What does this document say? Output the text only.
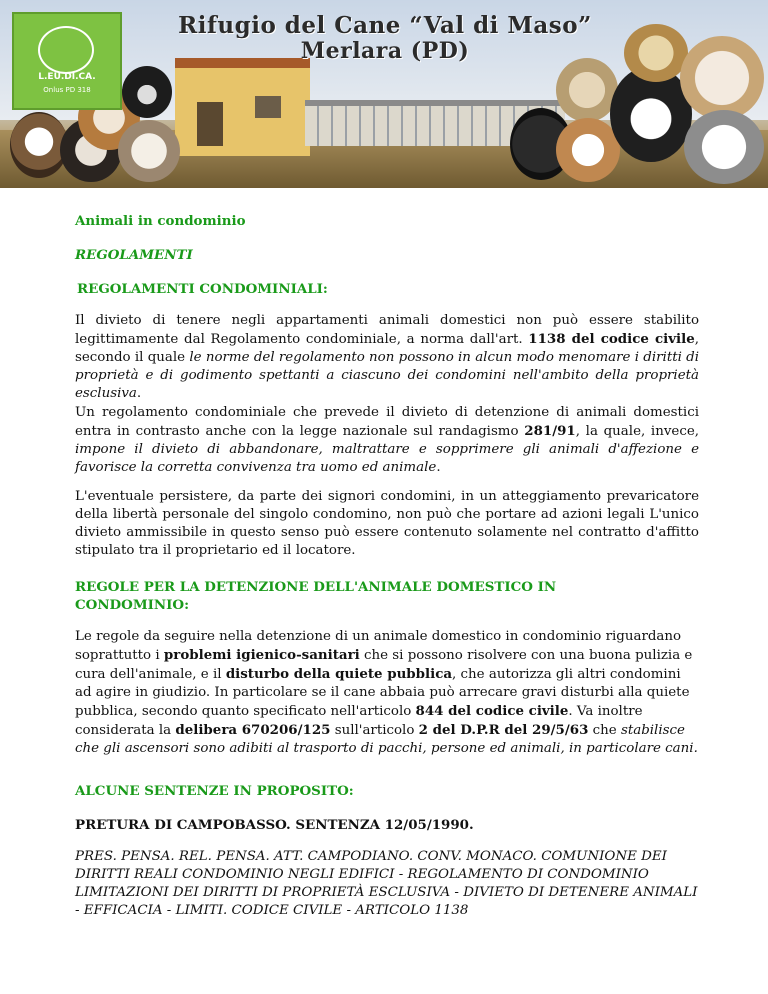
L.EU.DI.CA.
Onlus PD 318
Rifugio del Cane “Val di Maso”
Merlara (PD)
Animali in condominio
REGOLAMENTI
REGOLAMENTI CONDOMINIALI:

Il divieto di tenere negli appartamenti animali domestici non può essere stabilito legittimamente dal Regolamento condominiale, a norma dall'art. 1138 del codice civile, secondo il quale le norme del regolamento non possono in alcun modo menomare i diritti di proprietà e di godimento spettanti a ciascuno dei condomini nell'ambito della proprietà esclusiva.

Un regolamento condominiale che prevede il divieto di detenzione di animali domestici entra in contrasto anche con la legge nazionale sul randagismo 281/91, la quale, invece, impone il divieto di abbandonare, maltrattare e sopprimere gli animali d'affezione e favorisce la corretta convivenza tra uomo ed animale.

L'eventuale persistere, da parte dei signori condomini, in un atteggiamento prevaricatore della libertà personale del singolo condomino, non può che portare ad azioni legali L'unico divieto ammissibile in questo senso può essere contenuto solamente nel contratto d'affitto stipulato tra il proprietario ed il locatore.

REGOLE PER LA DETENZIONE DELL'ANIMALE DOMESTICO IN CONDOMINIO:

Le regole da seguire nella detenzione di un animale domestico in condominio riguardano soprattutto i problemi igienico-sanitari che si possono risolvere con una buona pulizia e cura dell'animale, e il disturbo della quiete pubblica, che autorizza gli altri condomini ad agire in giudizio. In particolare se il cane abbaia può arrecare gravi disturbi alla quiete pubblica, secondo quanto specificato nell'articolo 844 del codice civile. Va inoltre considerata la delibera 670206/125 sull'articolo 2 del D.P.R del 29/5/63 che stabilisce che gli ascensori sono adibiti al trasporto di pacchi, persone ed animali, in particolare cani.

ALCUNE SENTENZE IN PROPOSITO:
PRETURA DI CAMPOBASSO. SENTENZA 12/05/1990.

PRES. PENSA. REL. PENSA. ATT. CAMPODIANO. CONV. MONACO. COMUNIONE DEI DIRITTI REALI CONDOMINIO NEGLI EDIFICI - REGOLAMENTO DI CONDOMINIO LIMITAZIONI DEI DIRITTI DI PROPRIETÀ ESCLUSIVA - DIVIETO DI DETENERE ANIMALI - EFFICACIA - LIMITI. CODICE CIVILE - ARTICOLO 1138
